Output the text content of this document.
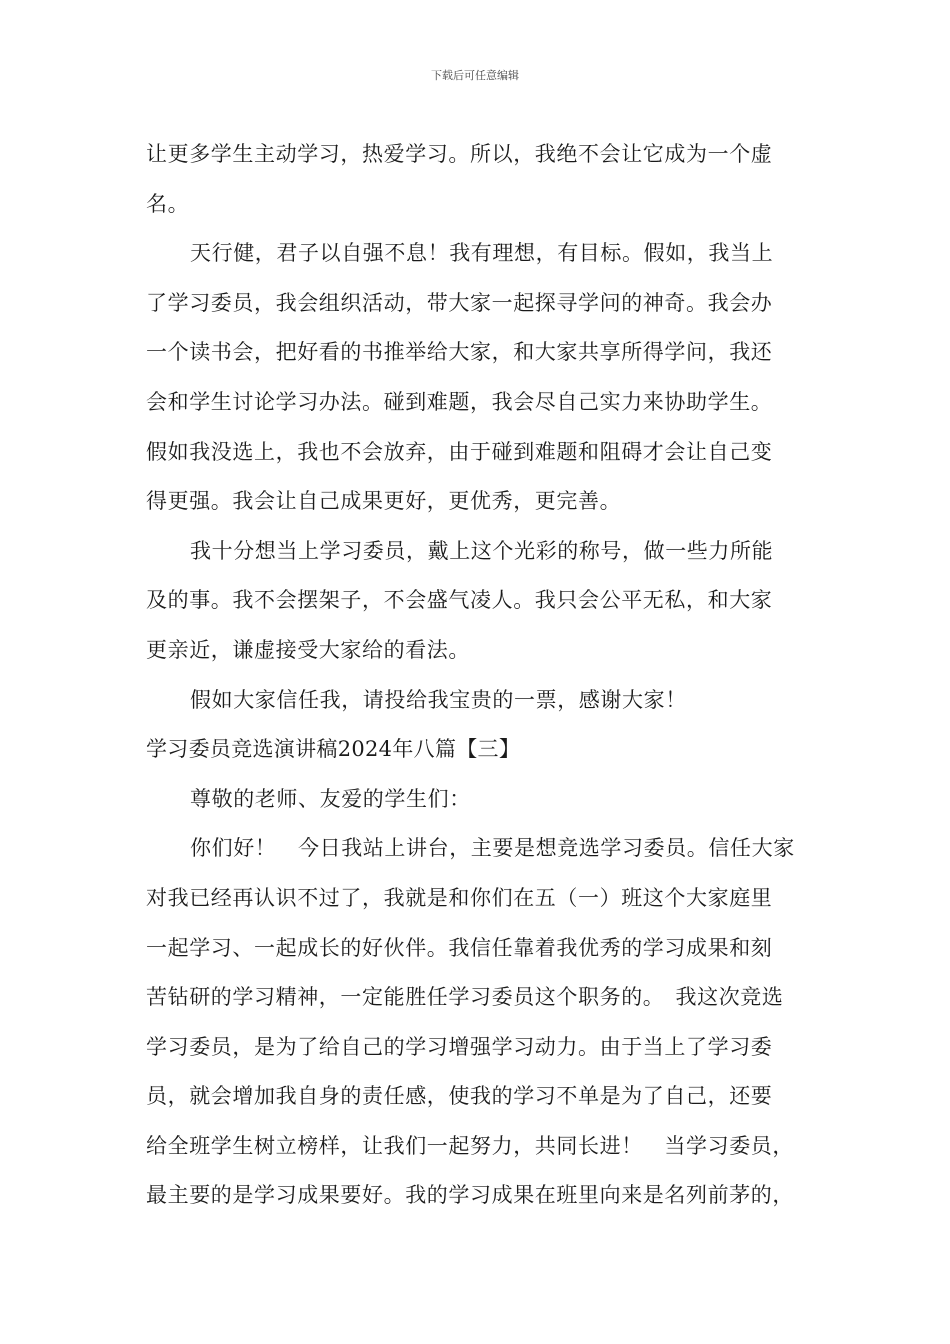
下载后可任意编辑
让更多学生主动学习，热爱学习。所以，我绝不会让它成为一个虚
名。
天行健，君子以自强不息！我有理想，有目标。假如，我当上
了学习委员，我会组织活动，带大家一起探寻学问的神奇。我会办
一个读书会，把好看的书推举给大家，和大家共享所得学问，我还
会和学生讨论学习办法。碰到难题，我会尽自己实力来协助学生。
假如我没选上，我也不会放弃，由于碰到难题和阻碍才会让自己变
得更强。我会让自己成果更好，更优秀，更完善。
我十分想当上学习委员，戴上这个光彩的称号，做一些力所能
及的事。我不会摆架子，不会盛气凌人。我只会公平无私，和大家
更亲近，谦虚接受大家给的看法。
假如大家信任我，请投给我宝贵的一票，感谢大家！
学习委员竞选演讲稿2024年八篇【三】
尊敬的老师、友爱的学生们：
你们好！　今日我站上讲台，主要是想竞选学习委员。信任大家
对我已经再认识不过了，我就是和你们在五（一）班这个大家庭里
一起学习、一起成长的好伙伴。我信任靠着我优秀的学习成果和刻
苦钻研的学习精神，一定能胜任学习委员这个职务的。　我这次竞选
学习委员，是为了给自己的学习增强学习动力。由于当上了学习委
员，就会增加我自身的责任感，使我的学习不单是为了自己，还要
给全班学生树立榜样，让我们一起努力，共同长进！　当学习委员，
最主要的是学习成果要好。我的学习成果在班里向来是名列前茅的，
